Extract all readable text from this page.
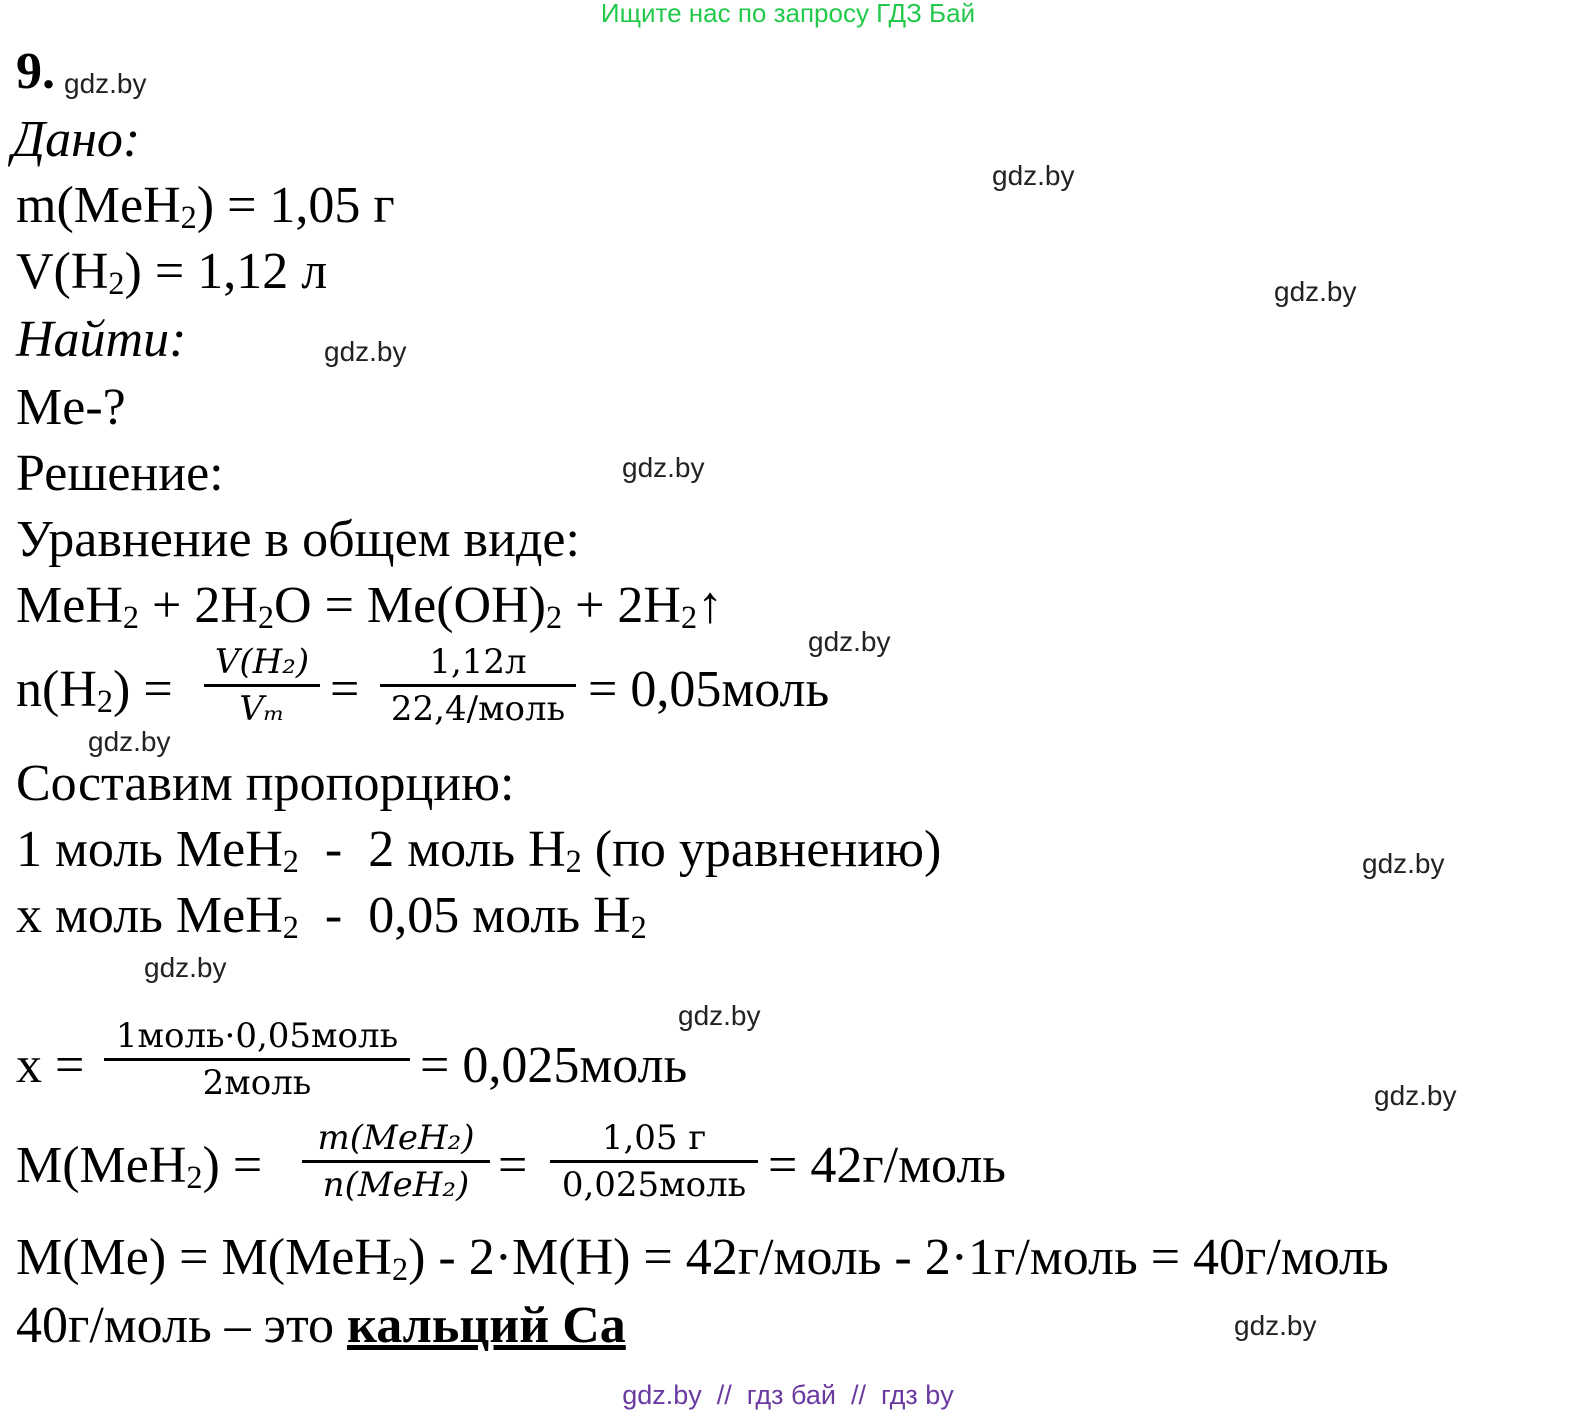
Ищите нас по запросу ГДЗ Бай
9.
Дано:
m(MeH$_2$) = 1,05 г
$V(H_2) = 1,12$ л
Найти:
Me-?
Решение:
Уравнение в общем виде:
$MeH_2 + 2H_2O = Me(OH)_2$ + $2H_2↑$
$n(H_2)$ =	V(H₂)
Vₘ =	1,12л
22,4/моль = 0,05моль
Составим пропорцию:
1 моль MeH$_2$  -  2 моль $H_2$ (по уравнению)
x моль MeH$_2$  -  0,05 моль $H_2$
x =
1моль·0,05моль
2моль	= 0,025моль
M(MeH$_2$) =	m(MeH₂)
n(MeH₂) =	1,05 г
0,025моль = 42г/моль
M(Me) = M(MeH$_2$) - 2·M(H) = 42г/моль - 2·1г/моль = 40г/моль
40г/моль – это кальций Ca
gdz.by
gdz.by
gdz.by
gdz.by
gdz.by
gdz.by
gdz.by
gdz.by
gdz.by
gdz.by
gdz.by
gdz.by
gdz.by  //  гдз бай  //  гдз by
